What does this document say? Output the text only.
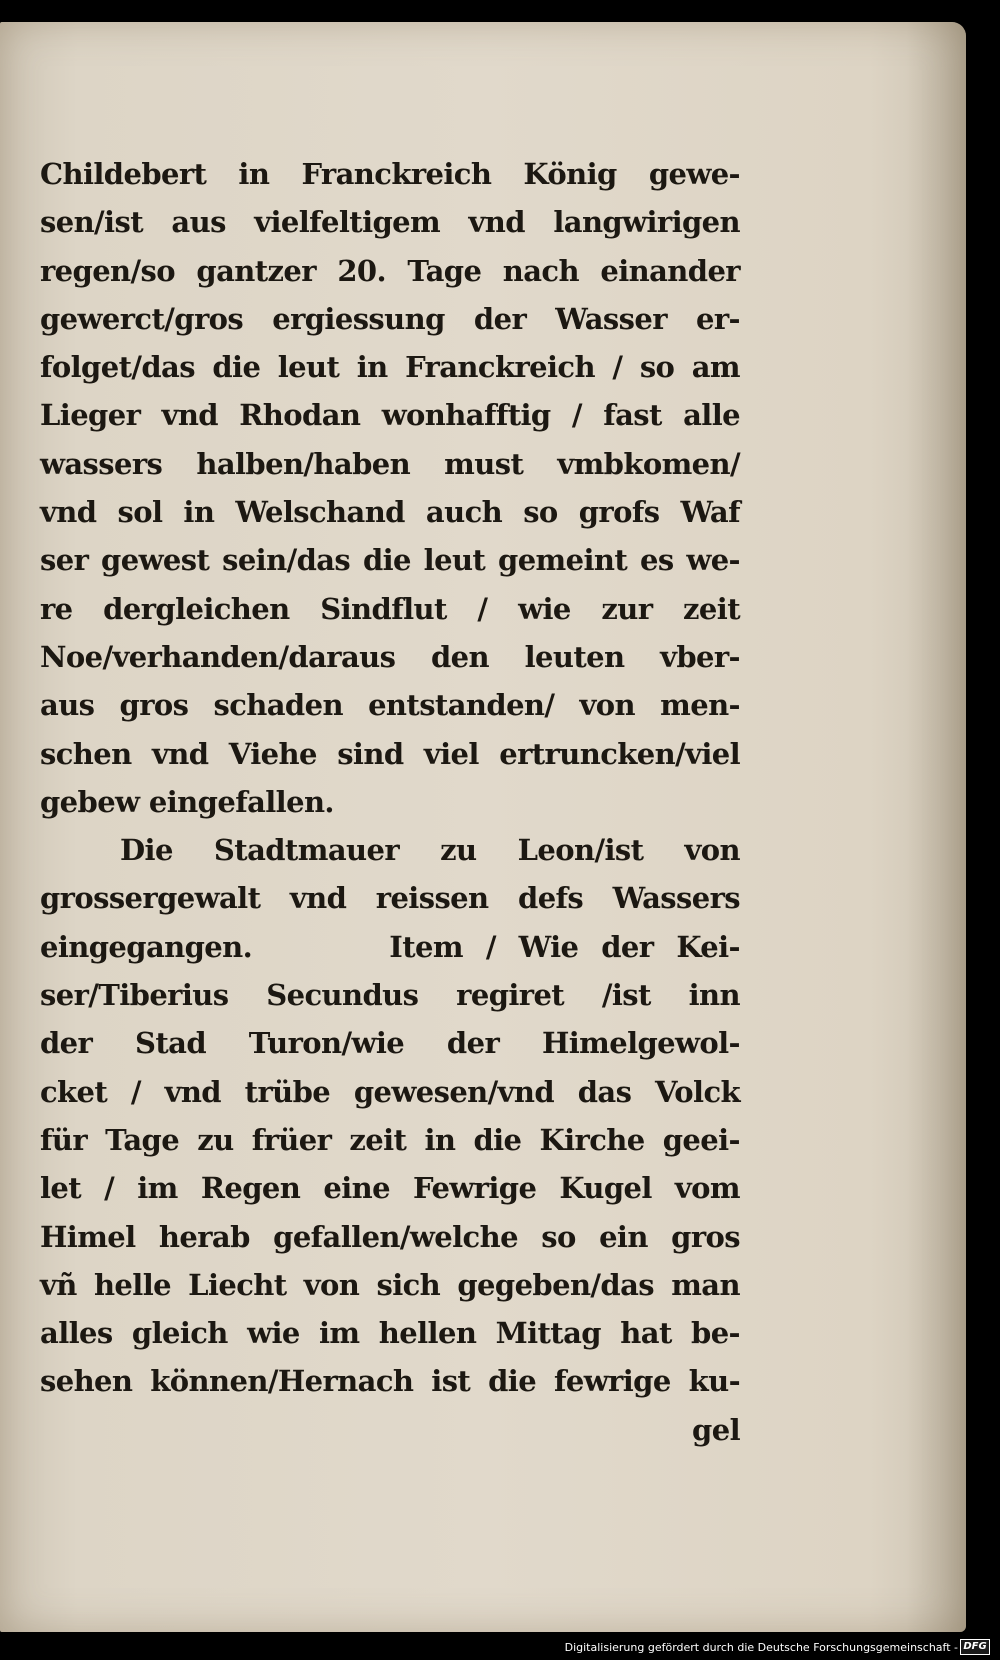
Childebert in Franckreich König gewe-
sen/ist aus vielfeltigem vnd langwirigen
regen/so gantzer 20. Tage nach einander
gewerct/gros ergiessung der Wasser er-
folget/das die leut in Franckreich / so am
Lieger vnd Rhodan wonhafftig / fast alle
wassers halben/haben must vmbkomen/
vnd sol in Welschand auch so grofs Waf
ser gewest sein/das die leut gemeint es we-
re dergleichen Sindflut / wie zur zeit
Noe/verhanden/daraus den leuten vber-
aus gros schaden entstanden/ von men-
schen vnd Viehe sind viel ertruncken/viel
gebew eingefallen.
Die Stadtmauer zu Leon/ist von
grossergewalt vnd reissen defs Wassers
eingegangen.      Item / Wie der Kei-
ser/Tiberius Secundus regiret /ist inn
der Stad Turon/wie der Himelgewol-
cket / vnd trübe gewesen/vnd das Volck
für Tage zu früer zeit in die Kirche geei-
let / im Regen eine Fewrige Kugel vom
Himel herab gefallen/welche so ein gros
vñ helle Liecht von sich gegeben/das man
alles gleich wie im hellen Mittag hat be-
sehen können/Hernach ist die fewrige ku-
gel
Digitalisierung gefördert durch die Deutsche Forschungsgemeinschaft - DFG
